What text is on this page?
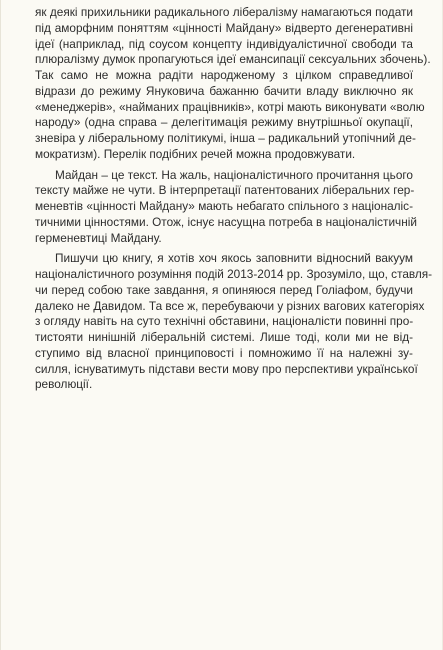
як деякі прихильники радикального лібералізму намагаються подати
під аморфним поняттям «цінності Майдану» відверто дегенеративні
ідеї (наприклад, під соусом концепту індивідуалістичної свободи та
плюралізму думок пропагуються ідеї емансипації сексуальних збочень).
Так само не можна радіти народженому з цілком справедливої
відрази до режиму Януковича бажанню бачити владу виключно як
«менеджерів», «найманих працівників», котрі мають виконувати «волю
народу» (одна справа – делегітимація режиму внутрішньої окупації,
зневіра у ліберальному політикумі, інша – радикальний утопічний де-
мократизм). Перелік подібних речей можна продовжувати.
Майдан – це текст. На жаль, націоналістичного прочитання цього
тексту майже не чути. В інтерпретації патентованих ліберальних гер-
меневтів «цінності Майдану» мають небагато спільного з націоналіс-
тичними цінностями. Отож, існує насущна потреба в націоналістичній
герменевтиці Майдану.
Пишучи цю книгу, я хотів хоч якось заповнити відносний вакуум
націоналістичного розуміння подій 2013-2014 рр. Зрозуміло, що, ставля-
чи перед собою таке завдання, я опиняюся перед Голіафом, будучи
далеко не Давидом. Та все ж, перебуваючи у різних вагових категоріях
з огляду навіть на суто технічні обставини, націоналісти повинні про-
тистояти нинішній ліберальній системі. Лише тоді, коли ми не від-
ступимо від власної принциповості і помножимо її на належні зу-
силля, існуватимуть підстави вести мову про перспективи української
революції.
